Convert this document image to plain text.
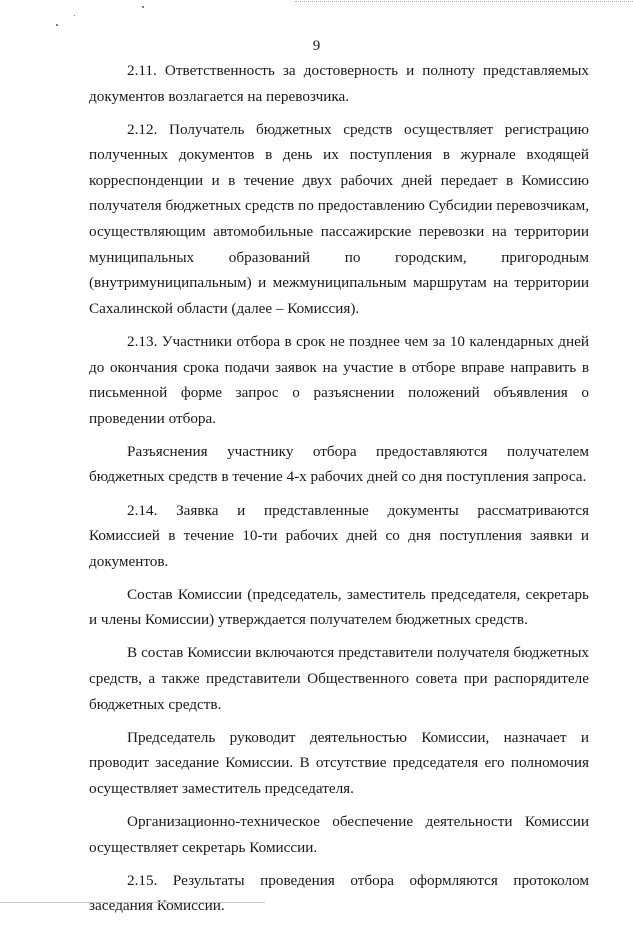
9

2.11. Ответственность за достоверность и полноту представляемых документов возлагается на перевозчика.

2.12. Получатель бюджетных средств осуществляет регистрацию полученных документов в день их поступления в журнале входящей корреспонденции и в течение двух рабочих дней передает в Комиссию получателя бюджетных средств по предоставлению Субсидии перевозчикам, осуществляющим автомобильные пассажирские перевозки на территории муниципальных образований по городским, пригородным (внутримуниципальным) и межмуниципальным маршрутам на территории Сахалинской области (далее – Комиссия).

2.13. Участники отбора в срок не позднее чем за 10 календарных дней до окончания срока подачи заявок на участие в отборе вправе направить в письменной форме запрос о разъяснении положений объявления о проведении отбора.

Разъяснения участнику отбора предоставляются получателем бюджетных средств в течение 4-х рабочих дней со дня поступления запроса.

2.14. Заявка и представленные документы рассматриваются Комиссией в течение 10-ти рабочих дней со дня поступления заявки и документов.

Состав Комиссии (председатель, заместитель председателя, секретарь и члены Комиссии) утверждается получателем бюджетных средств.

В состав Комиссии включаются представители получателя бюджетных средств, а также представители Общественного совета при распорядителе бюджетных средств.

Председатель руководит деятельностью Комиссии, назначает и проводит заседание Комиссии. В отсутствие председателя его полномочия осуществляет заместитель председателя.

Организационно-техническое обеспечение деятельности Комиссии осуществляет секретарь Комиссии.

2.15. Результаты проведения отбора оформляются протоколом заседания Комиссии.
